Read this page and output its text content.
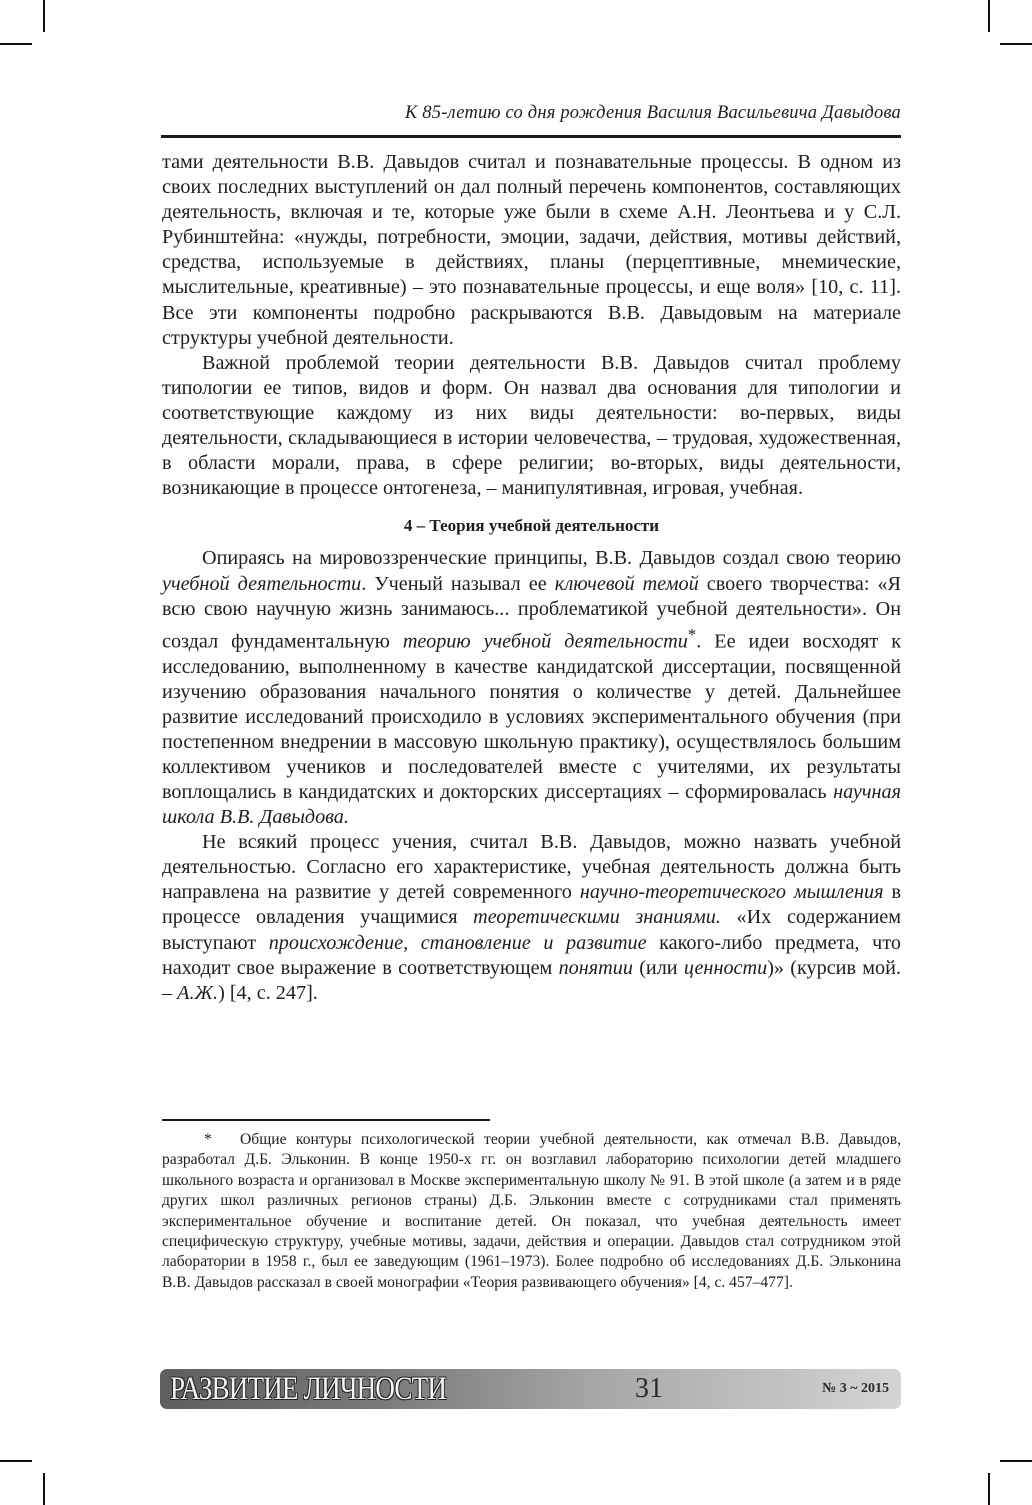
К 85-летию со дня рождения Василия Васильевича Давыдова

тами деятельности В.В. Давыдов считал и познавательные процессы. В одном из своих последних выступлений он дал полный перечень компонентов, составляющих деятельность, включая и те, которые уже были в схеме А.Н. Леонтьева и у С.Л. Рубинштейна: «нужды, потребности, эмоции, задачи, действия, мотивы действий, средства, используемые в действиях, планы (перцептивные, мнемические, мыслительные, креативные) – это познавательные процессы, и еще воля» [10, с. 11]. Все эти компоненты подробно раскрываются В.В. Давыдовым на материале структуры учебной деятельности.

Важной проблемой теории деятельности В.В. Давыдов считал проблему типологии ее типов, видов и форм. Он назвал два основания для типологии и соответствующие каждому из них виды деятельности: во-первых, виды деятельности, складывающиеся в истории человечества, – трудовая, художественная, в области морали, права, в сфере религии; во-вторых, виды деятельности, возникающие в процессе онтогенеза, – манипулятивная, игровая, учебная.

4 – Теория учебной деятельности

Опираясь на мировоззренческие принципы, В.В. Давыдов создал свою теорию учебной деятельности. Ученый называл ее ключевой темой своего творчества: «Я всю свою научную жизнь занимаюсь... проблематикой учебной деятельности». Он создал фундаментальную теорию учебной деятельности*. Ее идеи восходят к исследованию, выполненному в качестве кандидатской диссертации, посвященной изучению образования начального понятия о количестве у детей. Дальнейшее развитие исследований происходило в условиях экспериментального обучения (при постепенном внедрении в массовую школьную практику), осуществлялось большим коллективом учеников и последователей вместе с учителями, их результаты воплощались в кандидатских и докторских диссертациях – сформировалась научная школа В.В. Давыдова.

Не всякий процесс учения, считал В.В. Давыдов, можно назвать учебной деятельностью. Согласно его характеристике, учебная деятельность должна быть направлена на развитие у детей современного научно-теоретического мышления в процессе овладения учащимися теоретическими знаниями. «Их содержанием выступают происхождение, становление и развитие какого-либо предмета, что находит свое выражение в соответствующем понятии (или ценности)» (курсив мой. – А.Ж.) [4, с. 247].

* Общие контуры психологической теории учебной деятельности, как отмечал В.В. Давыдов, разработал Д.Б. Эльконин. В конце 1950-х гг. он возглавил лабораторию психологии детей младшего школьного возраста и организовал в Москве экспериментальную школу № 91. В этой школе (а затем и в ряде других школ различных регионов страны) Д.Б. Эльконин вместе с сотрудниками стал применять экспериментальное обучение и воспитание детей. Он показал, что учебная деятельность имеет специфическую структуру, учебные мотивы, задачи, действия и операции. Давыдов стал сотрудником этой лаборатории в 1958 г., был ее заведующим (1961–1973). Более подробно об исследованиях Д.Б. Эльконина В.В. Давыдов рассказал в своей монографии «Теория развивающего обучения» [4, с. 457–477].

РАЗВИТИЕ ЛИЧНОСТИ	31	№ 3 ~ 2015
